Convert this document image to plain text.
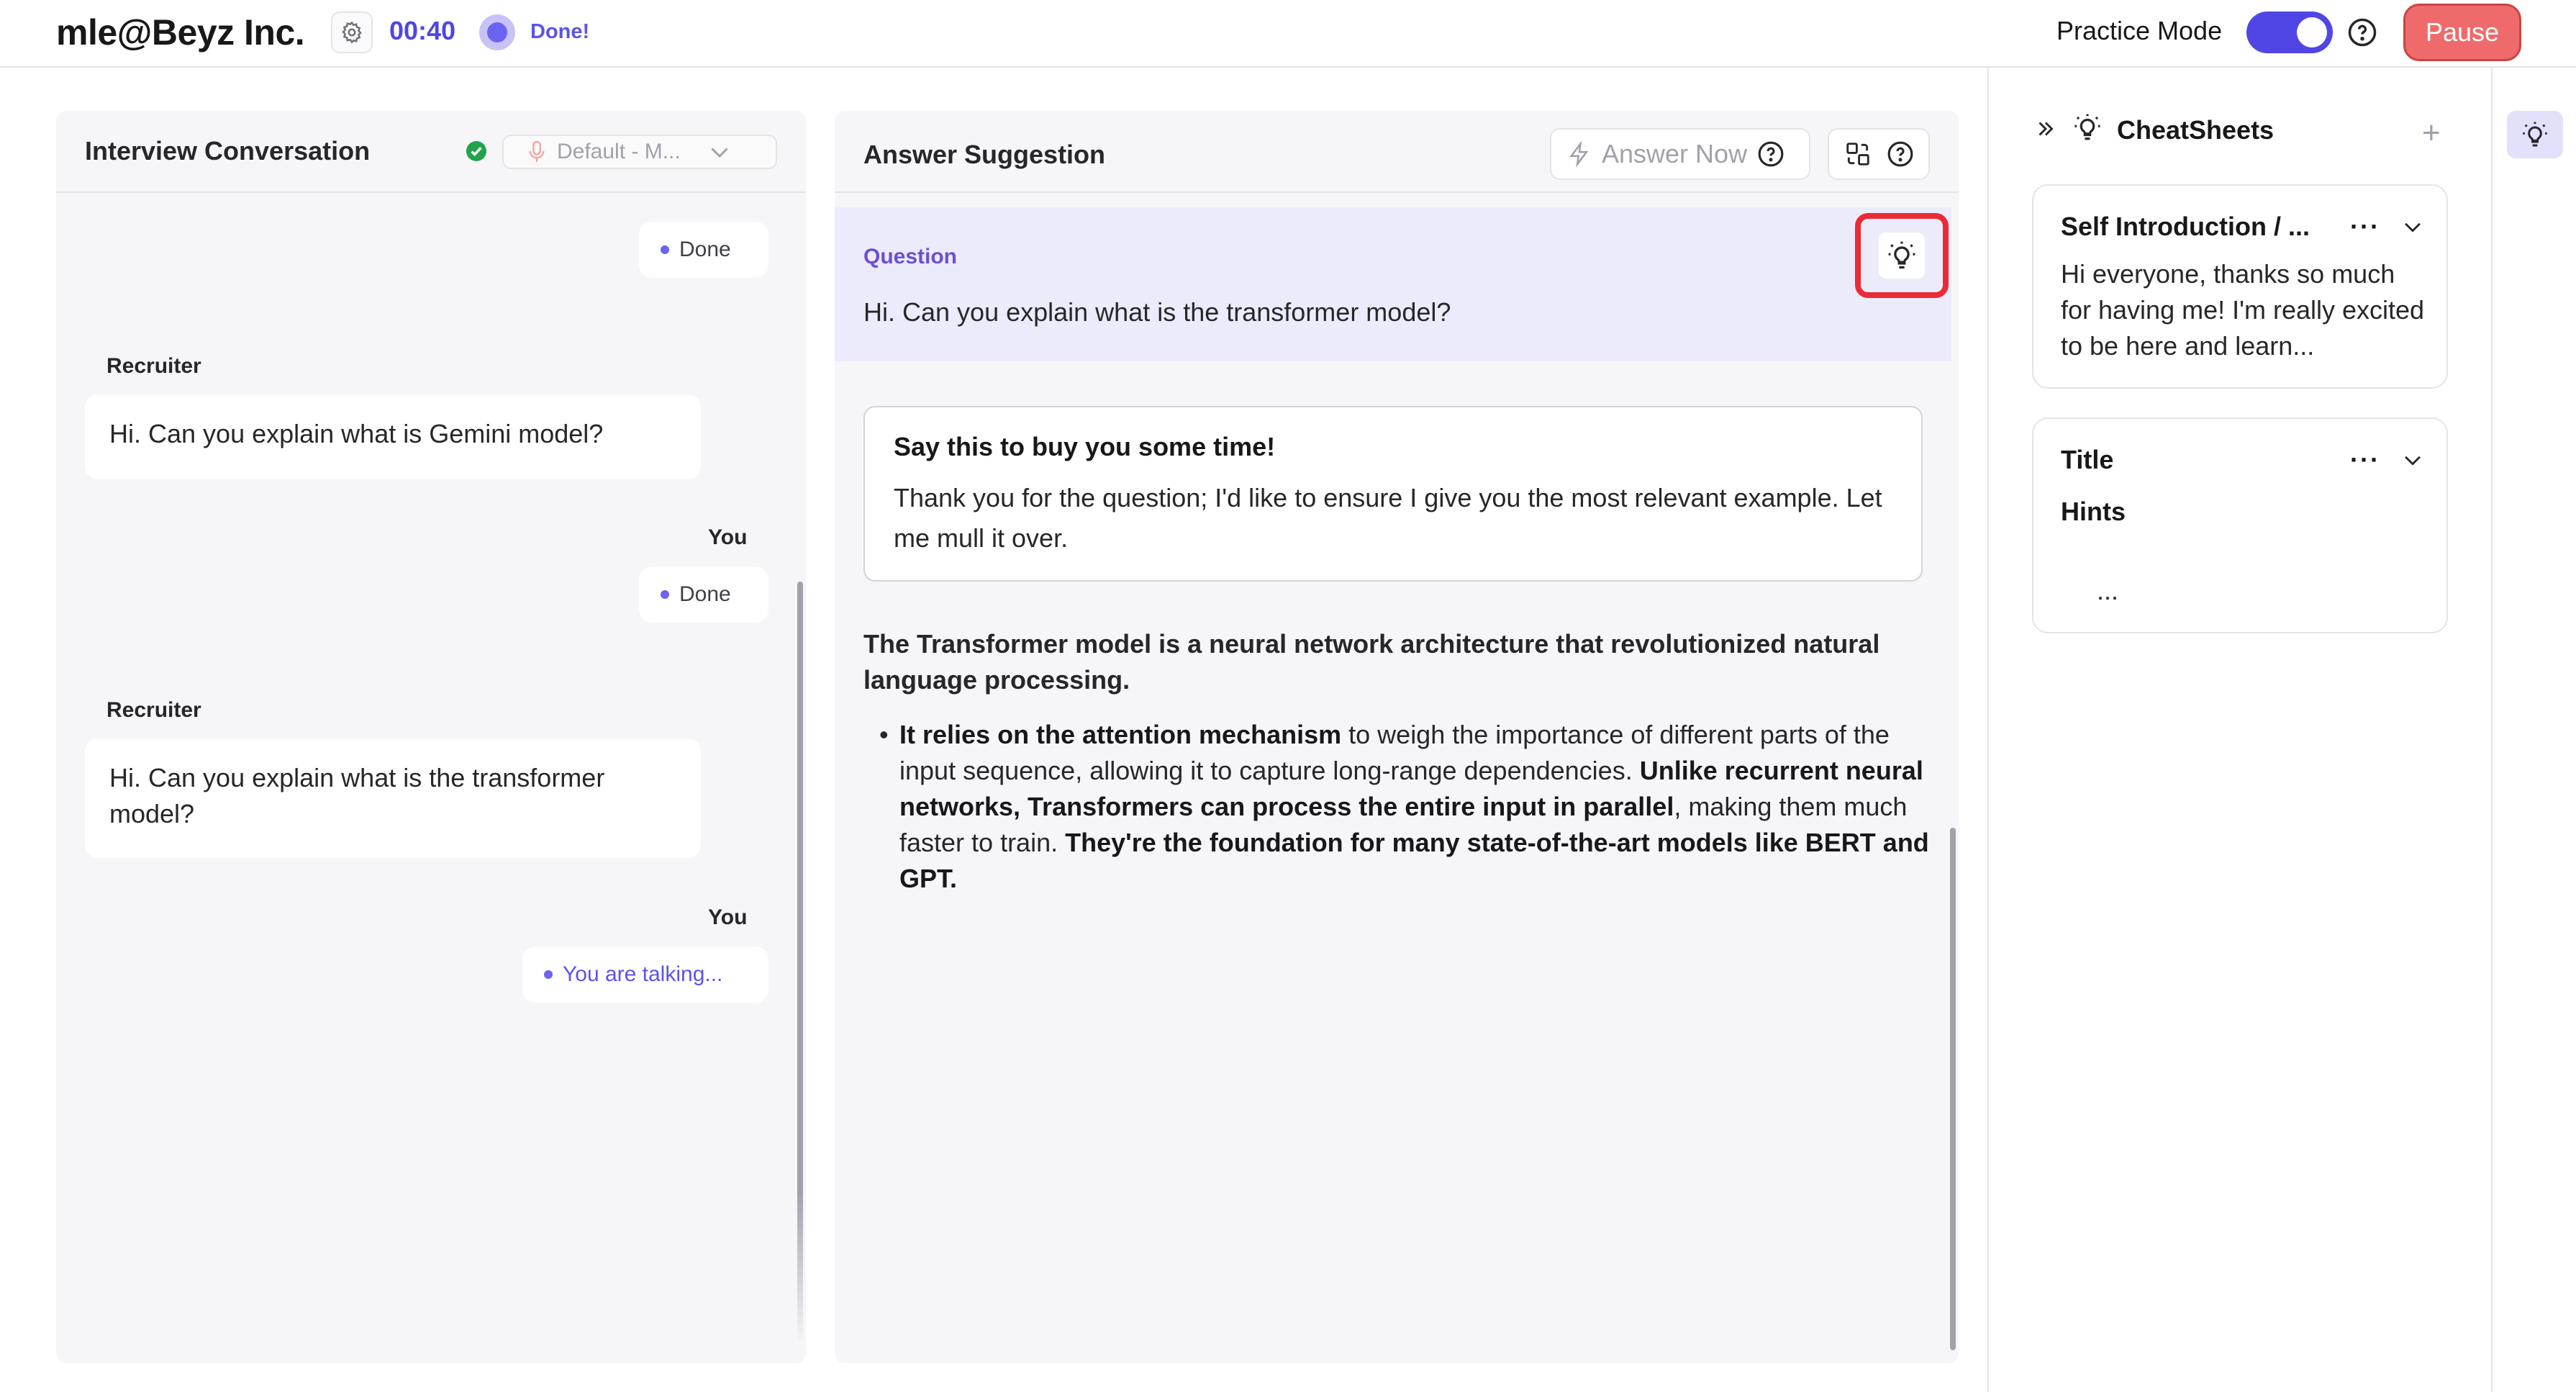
mle@Beyz Inc.	00:40	Done!	Practice Mode	Pause
Interview Conversation	Default - M...
Done
Recruiter
Hi. Can you explain what is Gemini model?
You
Done
Recruiter
Hi. Can you explain what is the transformer model?
You
You are talking...
Answer Suggestion	Answer Now
Question
Hi. Can you explain what is the transformer model?
Say this to buy you some time!
Thank you for the question; I'd like to ensure I give you the most relevant example. Let me mull it over.
The Transformer model is a neural network architecture that revolutionized natural language processing.
• It relies on the attention mechanism to weigh the importance of different parts of the input sequence, allowing it to capture long-range dependencies. Unlike recurrent neural networks, Transformers can process the entire input in parallel, making them much faster to train. They're the foundation for many state-of-the-art models like BERT and GPT.
CheatSheets	+
Self Introduction / ... ···
Hi everyone, thanks so much for having me! I'm really excited to be here and learn...
Title	···
Hints
...
